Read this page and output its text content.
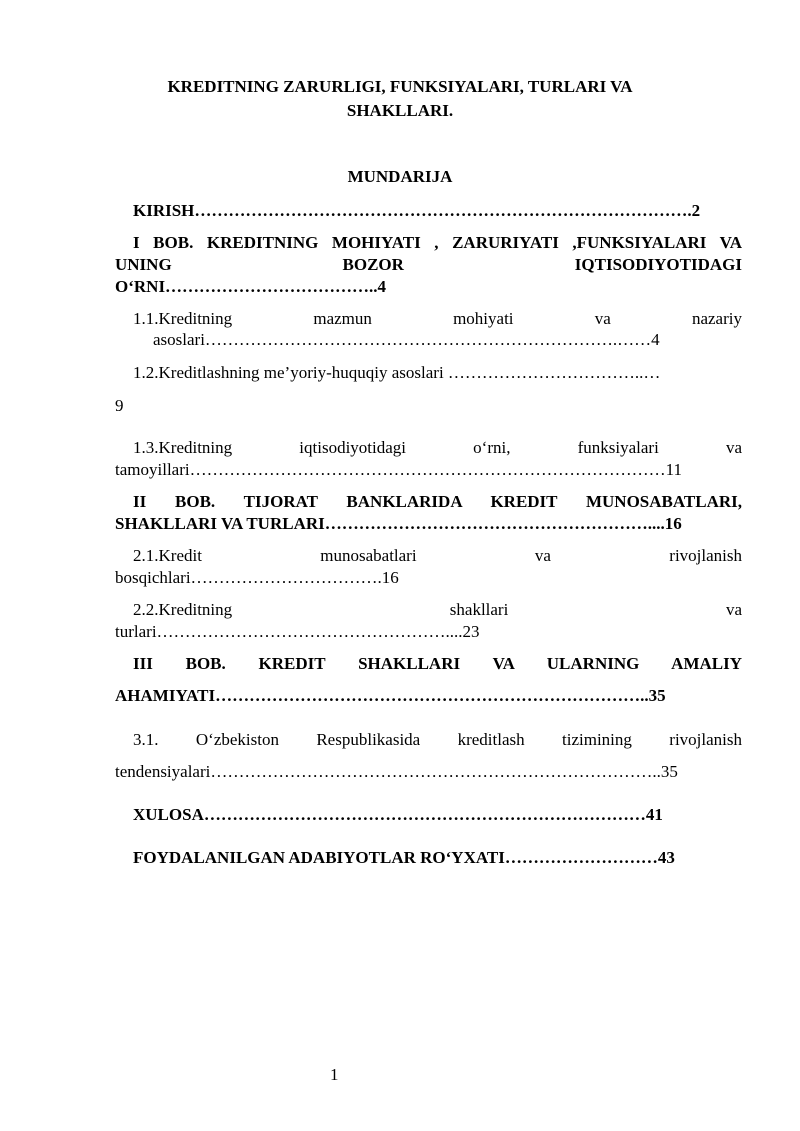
KREDITNING ZARURLIGI, FUNKSIYALARI, TURLARI VA
SHAKLLARI.
MUNDARIJA
KIRISH…………………………………………………………………………….2
I BOB. KREDITNING MOHIYATI , ZARURIYATI ,FUNKSIYALARI VA
UNING BOZOR IQTISODIYOTIDAGI
O‘RNI………………………………..4
1.1.Kreditning mazmun mohiyati va nazariy
asoslari……………………………………………………………….……4
1.2.Kreditlashning me’yoriy-huquqiy asoslari ……………………………..…
9
1.3.Kreditning iqtisodiyotidagi o‘rni, funksiyalari va
tamoyillari…………………………………………………………………………11
II BOB. TIJORAT BANKLARIDA KREDIT MUNOSABATLARI,
SHAKLLARI VA TURLARI…………………………………………………....16
2.1.Kredit munosabatlari va rivojlanish
bosqichlari…………………………….16
2.2.Kreditning shakllari va
turlari……………………………………………....23
III BOB. KREDIT SHAKLLARI VA ULARNING AMALIY
AHAMIYATI…………………………………………………………………..35
3.1. O‘zbekiston Respublikasida kreditlash tizimining rivojlanish
tendensiyalari……………………………………………………………………..35
XULOSA……………………………………………………………………41
FOYDALANILGAN ADABIYOTLAR RO‘YXATI………………………43
1
